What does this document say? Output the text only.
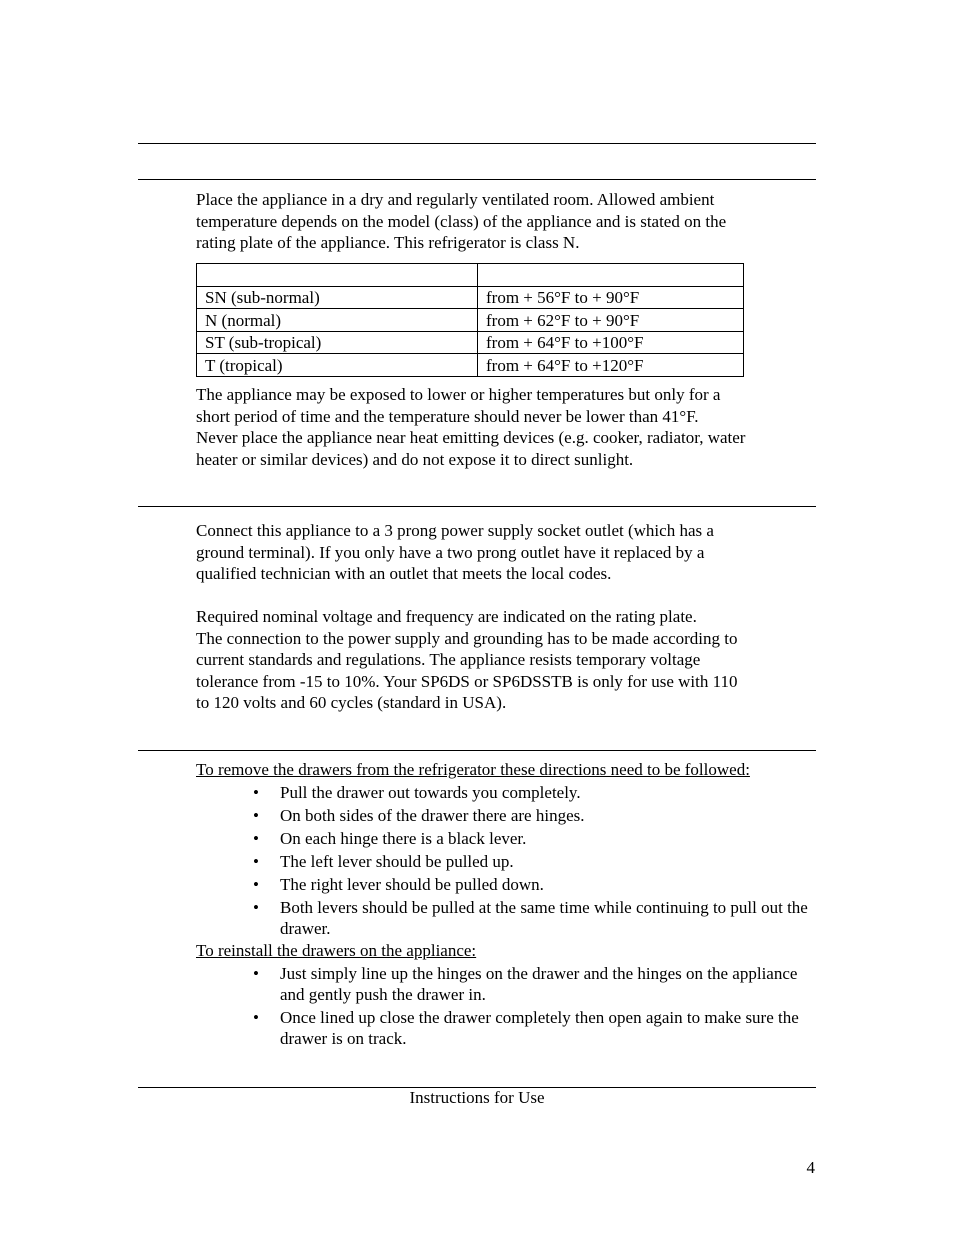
Place the appliance in a dry and regularly ventilated room. Allowed ambient
temperature depends on the model (class) of the appliance and is stated on the
rating plate of the appliance. This refrigerator is class N.

SN (sub-normal)	from + 56°F to + 90°F
N (normal)	from + 62°F to + 90°F
ST (sub-tropical)	from + 64°F to +100°F
T (tropical)	from + 64°F to +120°F

The appliance may be exposed to lower or higher temperatures but only for a
short period of time and the temperature should never be lower than 41°F.
Never place the appliance near heat emitting devices (e.g. cooker, radiator, water
heater or similar devices) and do not expose it to direct sunlight.

Connect this appliance to a 3 prong power supply socket outlet (which has a
ground terminal). If you only have a two prong outlet have it replaced by a
qualified technician with an outlet that meets the local codes.

Required nominal voltage and frequency are indicated on the rating plate.
The connection to the power supply and grounding has to be made according to
current standards and regulations. The appliance resists temporary voltage
tolerance from -15 to 10%. Your SP6DS or SP6DSSTB is only for use with 110
to 120 volts and 60 cycles (standard in USA).

To remove the drawers from the refrigerator these directions need to be followed:

• Pull the drawer out towards you completely.
• On both sides of the drawer there are hinges.
• On each hinge there is a black lever.
• The left lever should be pulled up.
• The right lever should be pulled down.
• Both levers should be pulled at the same time while continuing to pull out the drawer.

To reinstall the drawers on the appliance:

• Just simply line up the hinges on the drawer and the hinges on the appliance and gently push the drawer in.
• Once lined up close the drawer completely then open again to make sure the drawer is on track.
Instructions for Use
4
